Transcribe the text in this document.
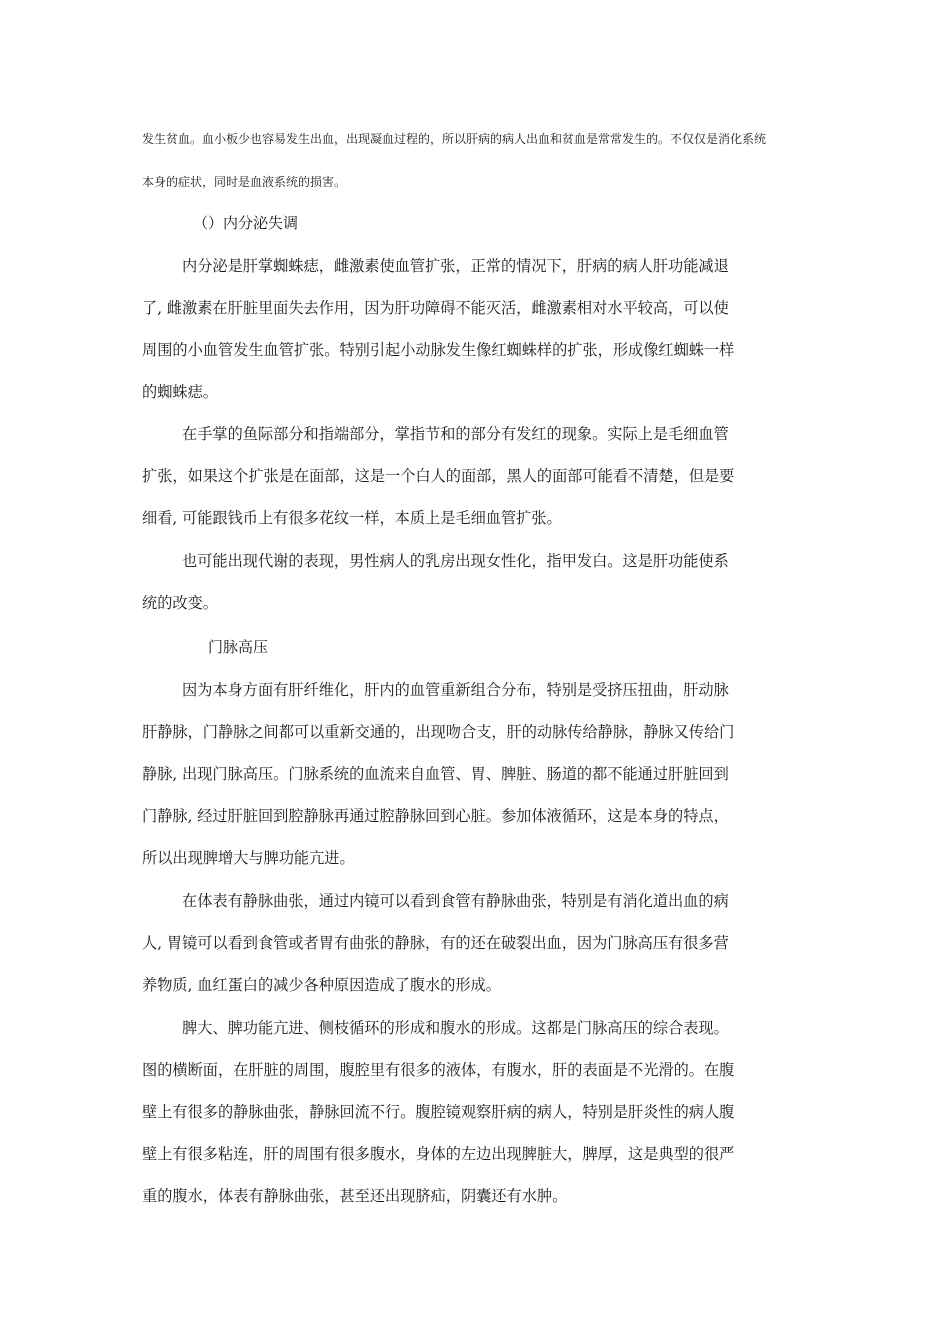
发生贫血。血小板少也容易发生出血，出现凝血过程的，所以肝病的病人出血和贫血是常常发生的。不仅仅是消化系统
本身的症状，同时是血液系统的损害。
（）内分泌失调
内分泌是肝掌蜘蛛痣，雌激素使血管扩张，正常的情况下，肝病的病人肝功能减退
了, 雌激素在肝脏里面失去作用，因为肝功障碍不能灭活，雌激素相对水平较高，可以使
周围的小血管发生血管扩张。特别引起小动脉发生像红蜘蛛样的扩张，形成像红蜘蛛一样
的蜘蛛痣。
在手掌的鱼际部分和指端部分，掌指节和的部分有发红的现象。实际上是毛细血管
扩张，如果这个扩张是在面部，这是一个白人的面部，黑人的面部可能看不清楚，但是要
细看, 可能跟钱币上有很多花纹一样，本质上是毛细血管扩张。
也可能出现代谢的表现，男性病人的乳房出现女性化，指甲发白。这是肝功能使系
统的改变。
门脉高压
因为本身方面有肝纤维化，肝内的血管重新组合分布，特别是受挤压扭曲，肝动脉
肝静脉，门静脉之间都可以重新交通的，出现吻合支，肝的动脉传给静脉，静脉又传给门
静脉, 出现门脉高压。门脉系统的血流来自血管、胃、脾脏、肠道的都不能通过肝脏回到
门静脉, 经过肝脏回到腔静脉再通过腔静脉回到心脏。参加体液循环，这是本身的特点，
所以出现脾增大与脾功能亢进。
在体表有静脉曲张，通过内镜可以看到食管有静脉曲张，特别是有消化道出血的病
人, 胃镜可以看到食管或者胃有曲张的静脉，有的还在破裂出血，因为门脉高压有很多营
养物质, 血红蛋白的减少各种原因造成了腹水的形成。
脾大、脾功能亢进、侧枝循环的形成和腹水的形成。这都是门脉高压的综合表现。
图的横断面，在肝脏的周围，腹腔里有很多的液体，有腹水，肝的表面是不光滑的。在腹
壁上有很多的静脉曲张，静脉回流不行。腹腔镜观察肝病的病人，特别是肝炎性的病人腹
壁上有很多粘连，肝的周围有很多腹水，身体的左边出现脾脏大，脾厚，这是典型的很严
重的腹水，体表有静脉曲张，甚至还出现脐疝，阴囊还有水肿。
